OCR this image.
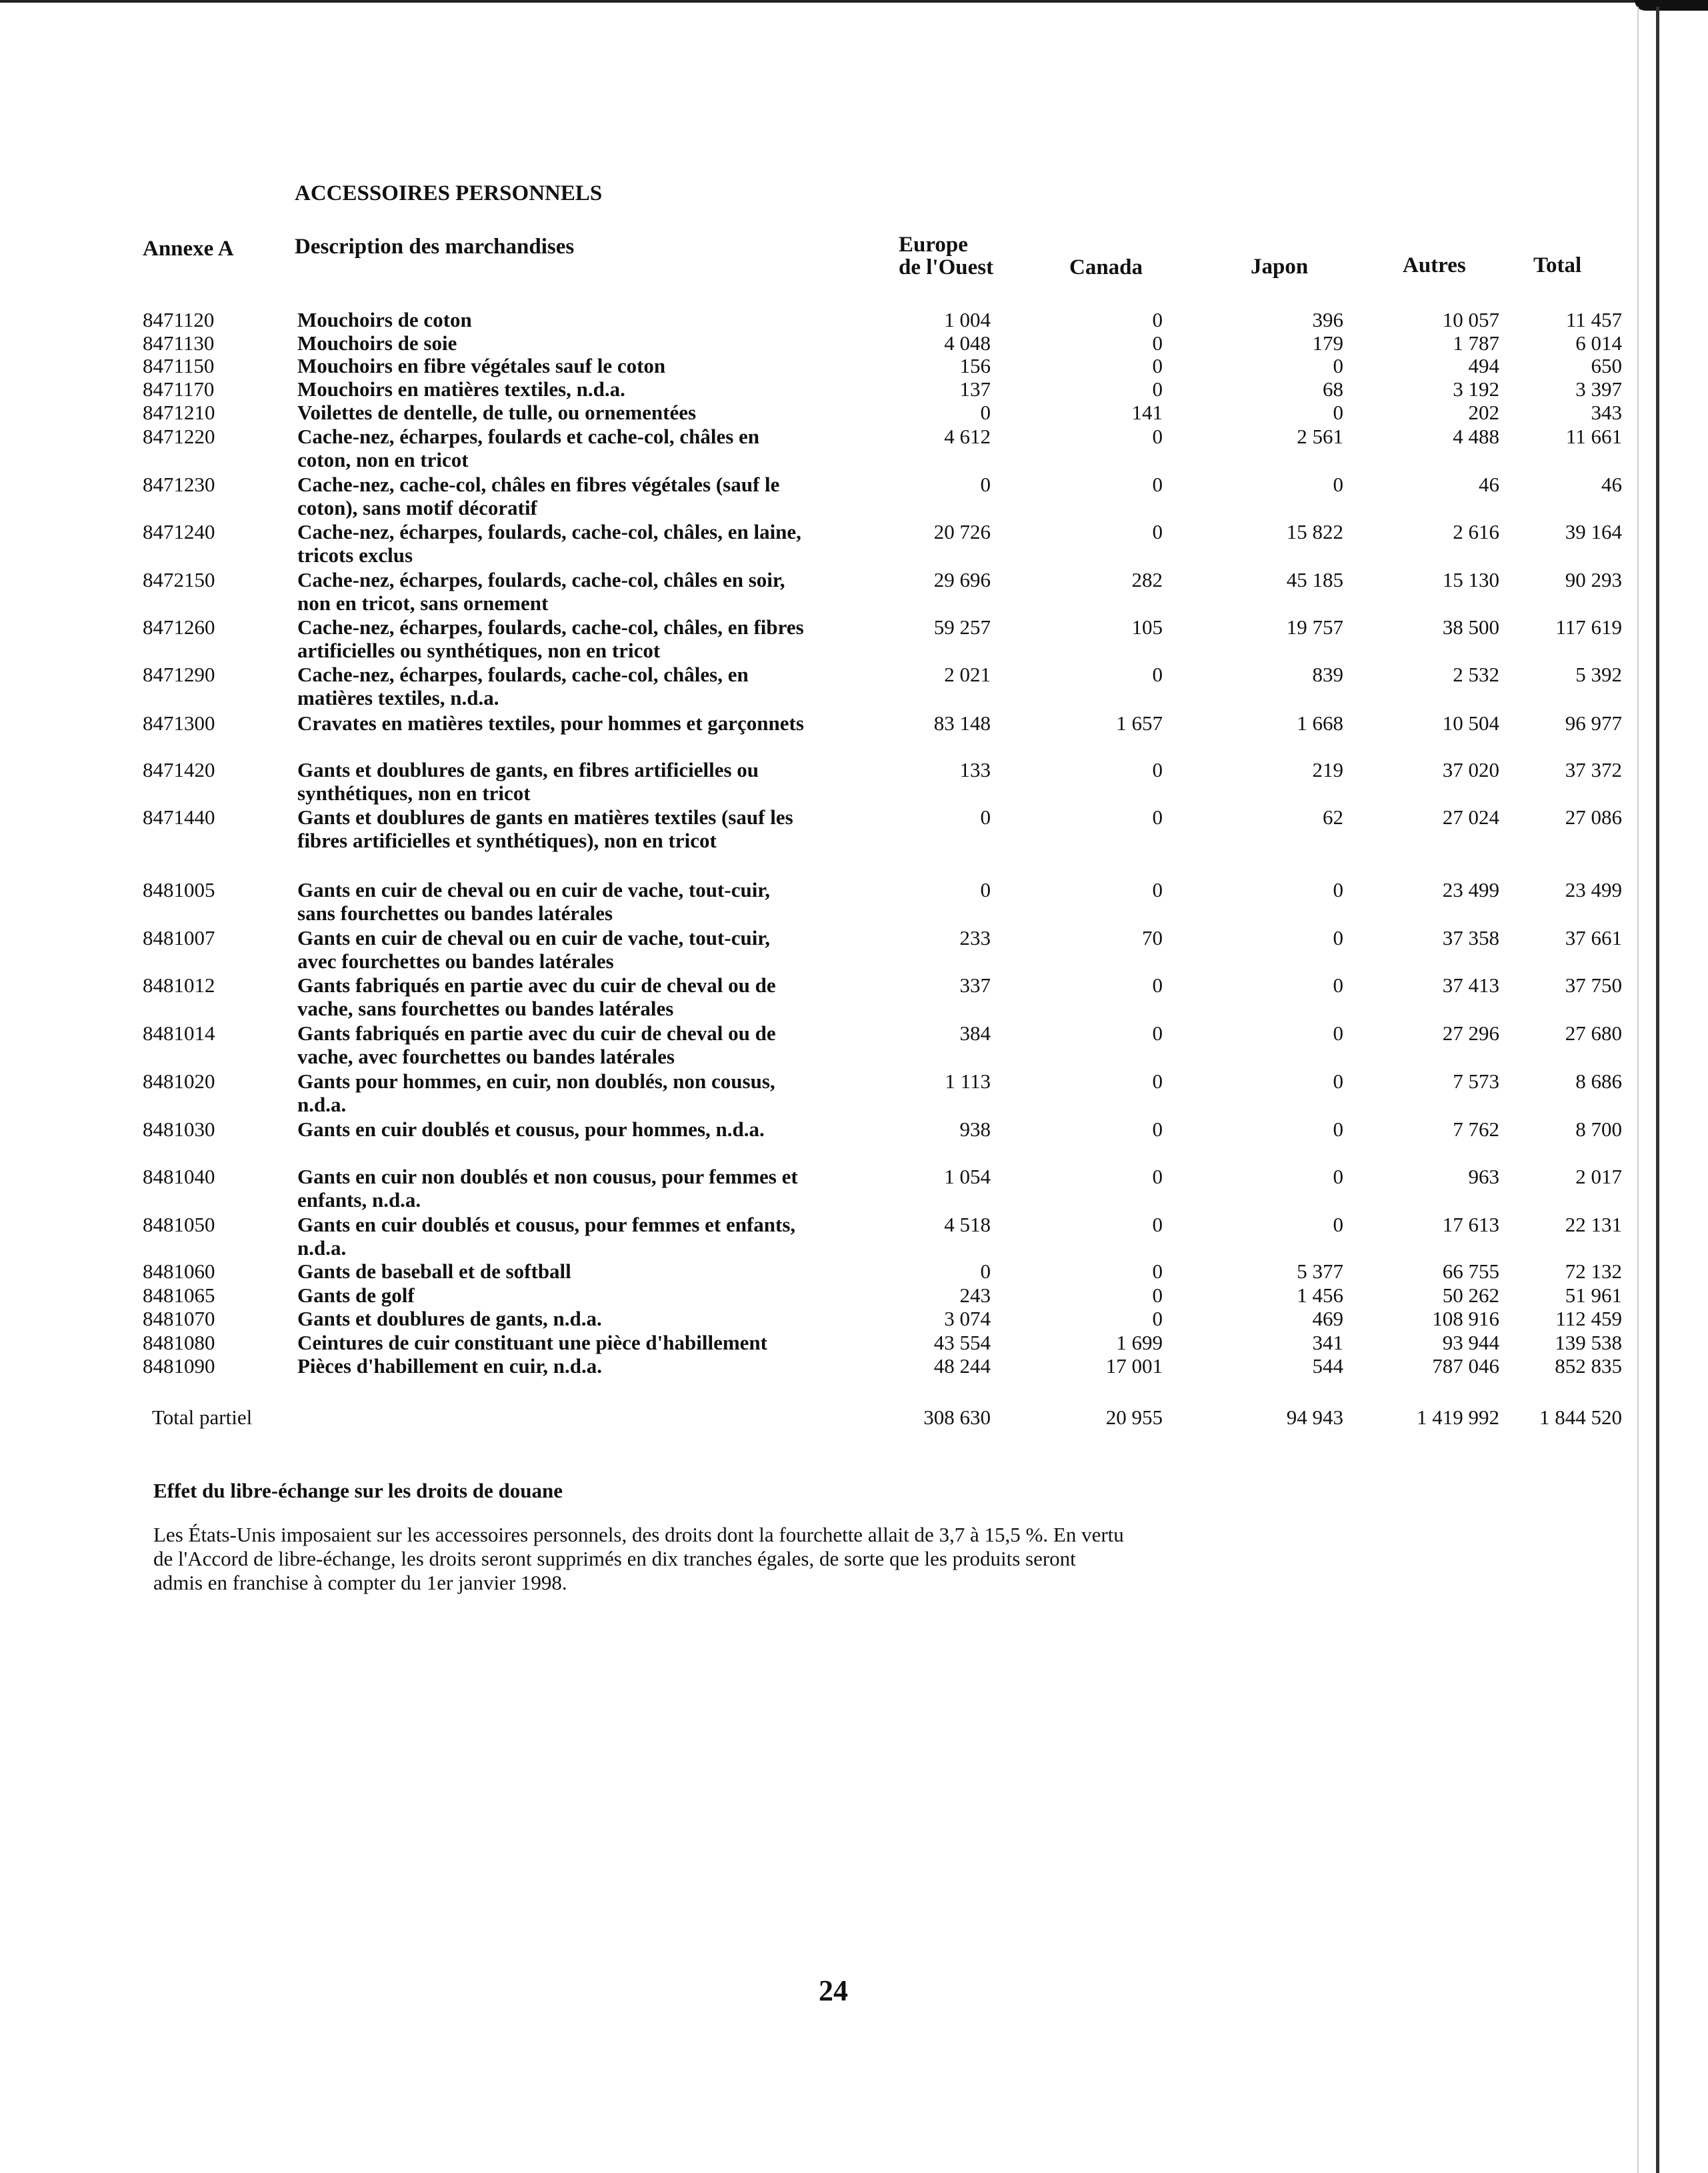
ACCESSOIRES PERSONNELS
Annexe A	Description des marchandises	Europe
de l'Ouest	Canada	Japon	Autres	Total
8471120	Mouchoirs de coton	1 004	0	396	10 057	11 457
8471130	Mouchoirs de soie	4 048	0	179	1 787	6 014
8471150	Mouchoirs en fibre végétales sauf le coton	156	0	0	494	650
8471170	Mouchoirs en matières textiles, n.d.a.	137	0	68	3 192	3 397
8471210	Voilettes de dentelle, de tulle, ou ornementées	0	141	0	202	343
8471220	Cache-nez, écharpes, foulards et cache-col, châles en coton, non en tricot
4 612	0	2 561	4 488	11 661
8471230	Cache-nez, cache-col, châles en fibres végétales (sauf le coton), sans motif décoratif
0	0	0	46	46
8471240	Cache-nez, écharpes, foulards, cache-col, châles, en laine, tricots exclus
20 726	0	15 822	2 616	39 164
8472150	Cache-nez, écharpes, foulards, cache-col, châles en soir, non en tricot, sans ornement
29 696	282	45 185	15 130	90 293
8471260	Cache-nez, écharpes, foulards, cache-col, châles, en fibres artificielles ou synthétiques, non en tricot
59 257	105	19 757	38 500	117 619
8471290	Cache-nez, écharpes, foulards, cache-col, châles, en matières textiles, n.d.a.
2 021	0	839	2 532	5 392
8471300	Cravates en matières textiles, pour hommes et garçonnets	83 148	1 657	1 668	10 504	96 977
8471420	Gants et doublures de gants, en fibres artificielles ou synthétiques, non en tricot
133	0	219	37 020	37 372
8471440	Gants et doublures de gants en matières textiles (sauf les fibres artificielles et synthétiques), non en tricot
0	0	62	27 024	27 086
8481005	Gants en cuir de cheval ou en cuir de vache, tout-cuir, sans fourchettes ou bandes latérales
0	0	0	23 499	23 499
8481007	Gants en cuir de cheval ou en cuir de vache, tout-cuir, avec fourchettes ou bandes latérales
233	70	0	37 358	37 661
8481012	Gants fabriqués en partie avec du cuir de cheval ou de vache, sans fourchettes ou bandes latérales
337	0	0	37 413	37 750
8481014	Gants fabriqués en partie avec du cuir de cheval ou de vache, avec fourchettes ou bandes latérales
384	0	0	27 296	27 680
8481020	Gants pour hommes, en cuir, non doublés, non cousus, n.d.a.
1 113	0	0	7 573	8 686
8481030	Gants en cuir doublés et cousus, pour hommes, n.d.a.	938	0	0	7 762	8 700
8481040	Gants en cuir non doublés et non cousus, pour femmes et enfants, n.d.a.
1 054	0	0	963	2 017
8481050	Gants en cuir doublés et cousus, pour femmes et enfants, n.d.a.
4 518	0	0	17 613	22 131
8481060	Gants de baseball et de softball	0	0	5 377	66 755	72 132
8481065	Gants de golf	243	0	1 456	50 262	51 961
8481070	Gants et doublures de gants, n.d.a.	3 074	0	469	108 916	112 459
8481080	Ceintures de cuir constituant une pièce d'habillement	43 554	1 699	341	93 944	139 538
8481090	Pièces d'habillement en cuir, n.d.a.	48 244	17 001	544	787 046	852 835
Total partiel	308 630	20 955	94 943	1 419 992	1 844 520
Effet du libre-échange sur les droits de douane
Les États-Unis imposaient sur les accessoires personnels, des droits dont la fourchette allait de 3,7 à 15,5 %. En vertu de l'Accord de libre-échange, les droits seront supprimés en dix tranches égales, de sorte que les produits seront admis en franchise à compter du 1er janvier 1998.
24
